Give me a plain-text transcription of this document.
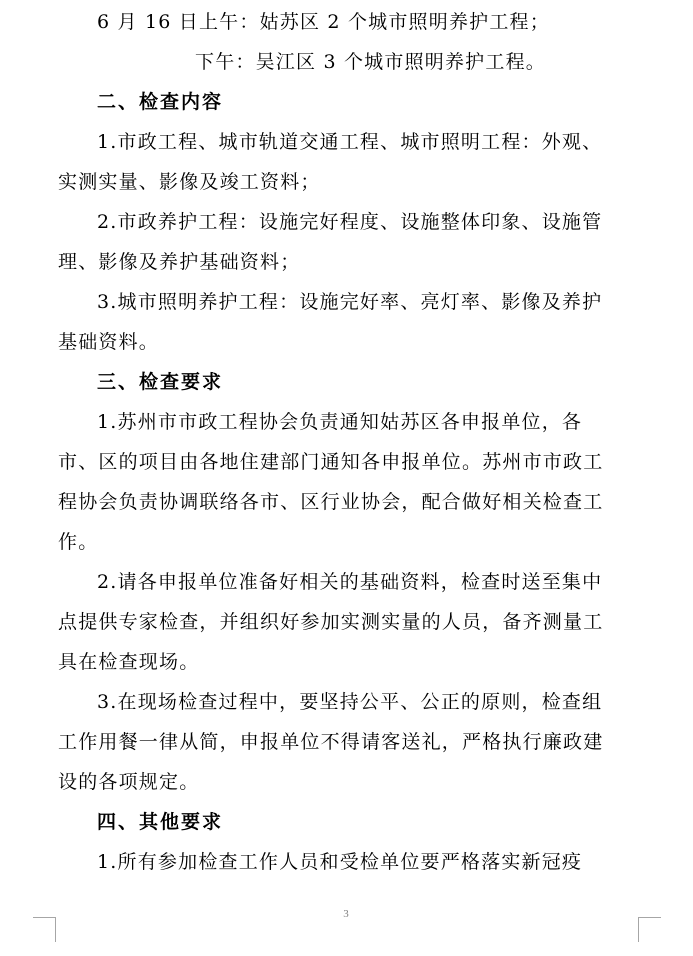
6 月 16 日上午：姑苏区 2 个城市照明养护工程；
下午：吴江区 3 个城市照明养护工程。
二、检查内容
1.市政工程、城市轨道交通工程、城市照明工程：外观、
实测实量、影像及竣工资料；
2.市政养护工程：设施完好程度、设施整体印象、设施管
理、影像及养护基础资料；
3.城市照明养护工程：设施完好率、亮灯率、影像及养护
基础资料。
三、检查要求
1.苏州市市政工程协会负责通知姑苏区各申报单位，各
市、区的项目由各地住建部门通知各申报单位。苏州市市政工
程协会负责协调联络各市、区行业协会，配合做好相关检查工
作。
2.请各申报单位准备好相关的基础资料，检查时送至集中
点提供专家检查，并组织好参加实测实量的人员，备齐测量工
具在检查现场。
3.在现场检查过程中，要坚持公平、公正的原则，检查组
工作用餐一律从简，申报单位不得请客送礼，严格执行廉政建
设的各项规定。
四、其他要求
1.所有参加检查工作人员和受检单位要严格落实新冠疫
3
